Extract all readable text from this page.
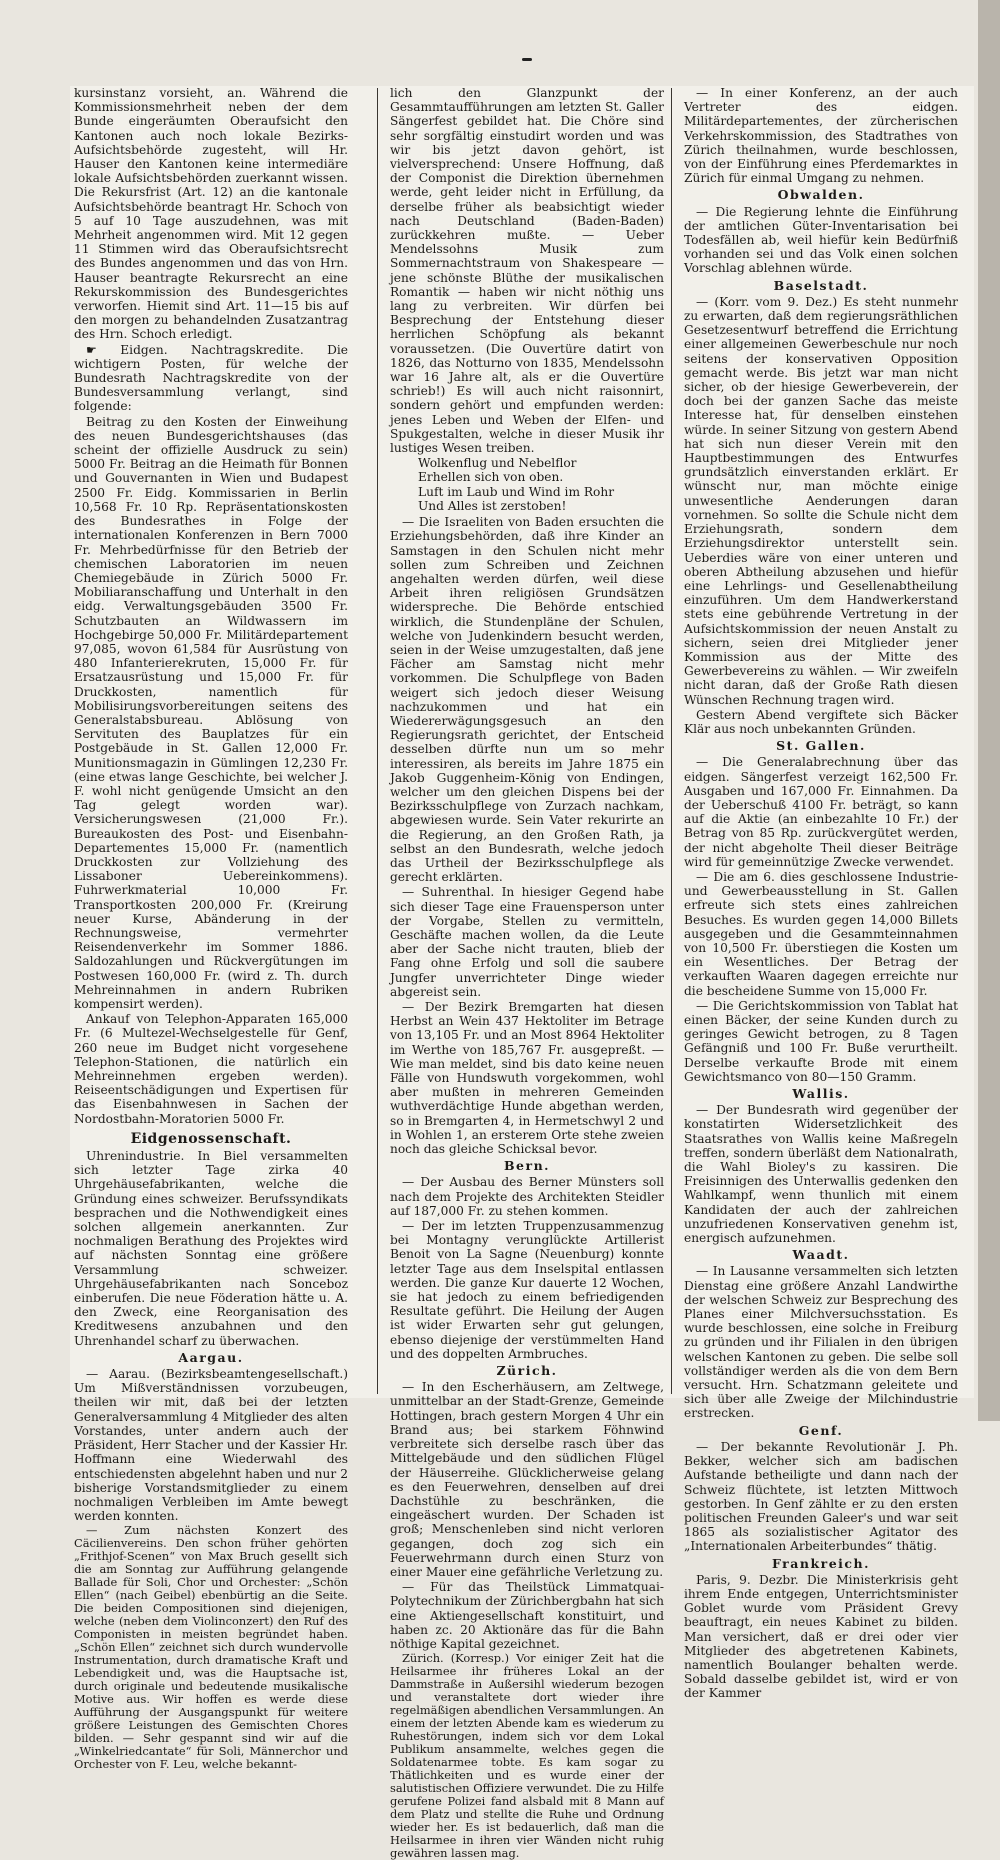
kursinstanz vorsieht, an. Während die Kommissionsmehrheit neben der dem Bunde eingeräumten Oberaufsicht den Kantonen auch noch lokale Bezirks-Aufsichtsbehörde zugesteht, will Hr. Hauser den Kantonen keine intermediäre lokale Aufsichtsbehörden zuerkannt wissen. Die Rekursfrist (Art. 12) an die kantonale Aufsichtsbehörde beantragt Hr. Schoch von 5 auf 10 Tage auszudehnen, was mit Mehrheit angenommen wird. Mit 12 gegen 11 Stimmen wird das Oberaufsichtsrecht des Bundes angenommen und das von Hrn. Hauser beantragte Rekursrecht an eine Rekurskommission des Bundesgerichtes verworfen. Hiemit sind Art. 11—15 bis auf den morgen zu behandelnden Zusatzantrag des Hrn. Schoch erledigt.

☛ Eidgen. Nachtragskredite. Die wichtigern Posten, für welche der Bundesrath Nachtragskredite von der Bundesversammlung verlangt, sind folgende:

Beitrag zu den Kosten der Einweihung des neuen Bundesgerichtshauses (das scheint der offizielle Ausdruck zu sein) 5000 Fr. Beitrag an die Heimath für Bonnen und Gouvernanten in Wien und Budapest 2500 Fr. Eidg. Kommissarien in Berlin 10,568 Fr. 10 Rp. Repräsentationskosten des Bundesrathes in Folge der internationalen Konferenzen in Bern 7000 Fr. Mehrbedürfnisse für den Betrieb der chemischen Laboratorien im neuen Chemiegebäude in Zürich 5000 Fr. Mobiliaranschaffung und Unterhalt in den eidg. Verwaltungsgebäuden 3500 Fr. Schutzbauten an Wildwassern im Hochgebirge 50,000 Fr. Militärdepartement 97,085, wovon 61,584 für Ausrüstung von 480 Infanterierekruten, 15,000 Fr. für Ersatzausrüstung und 15,000 Fr. für Druckkosten, namentlich für Mobilisirungsvorbereitungen seitens des Generalstabsbureau. Ablösung von Servituten des Bauplatzes für ein Postgebäude in St. Gallen 12,000 Fr. Munitionsmagazin in Gümlingen 12,230 Fr. (eine etwas lange Geschichte, bei welcher J. F. wohl nicht genügende Umsicht an den Tag gelegt worden war). Versicherungswesen (21,000 Fr.). Bureaukosten des Post- und Eisenbahn-Departementes 15,000 Fr. (namentlich Druckkosten zur Vollziehung des Lissaboner Uebereinkommens). Fuhrwerkmaterial 10,000 Fr. Transportkosten 200,000 Fr. (Kreirung neuer Kurse, Abänderung in der Rechnungsweise, vermehrter Reisendenverkehr im Sommer 1886. Saldozahlungen und Rückvergütungen im Postwesen 160,000 Fr. (wird z. Th. durch Mehreinnahmen in andern Rubriken kompensirt werden).

Ankauf von Telephon-Apparaten 165,000 Fr. (6 Multezel-Wechselgestelle für Genf, 260 neue im Budget nicht vorgesehene Telephon-Stationen, die natürlich ein Mehreinnehmen ergeben werden). Reiseentschädigungen und Expertisen für das Eisenbahnwesen in Sachen der Nordostbahn-Moratorien 5000 Fr.

Eidgenossenschaft.

Uhrenindustrie. In Biel versammelten sich letzter Tage zirka 40 Uhrgehäusefabrikanten, welche die Gründung eines schweizer. Berufssyndikats besprachen und die Nothwendigkeit eines solchen allgemein anerkannten. Zur nochmaligen Berathung des Projektes wird auf nächsten Sonntag eine größere Versammlung schweizer. Uhrgehäusefabrikanten nach Sonceboz einberufen. Die neue Föderation hätte u. A. den Zweck, eine Reorganisation des Kreditwesens anzubahnen und den Uhrenhandel scharf zu überwachen.

Aargau.

— Aarau. (Bezirksbeamtengesellschaft.) Um Mißverständnissen vorzubeugen, theilen wir mit, daß bei der letzten Generalversammlung 4 Mitglieder des alten Vorstandes, unter andern auch der Präsident, Herr Stacher und der Kassier Hr. Hoffmann eine Wiederwahl des entschiedensten abgelehnt haben und nur 2 bisherige Vorstandsmitglieder zu einem nochmaligen Verbleiben im Amte bewegt werden konnten.

— Zum nächsten Konzert des Cäcilienvereins. Den schon früher gehörten „Frithjof-Scenen“ von Max Bruch gesellt sich die am Sonntag zur Aufführung gelangende Ballade für Soli, Chor und Orchester: „Schön Ellen“ (nach Geibel) ebenbürtig an die Seite. Die beiden Compositionen sind diejenigen, welche (neben dem Violinconzert) den Ruf des Componisten in meisten begründet haben. „Schön Ellen“ zeichnet sich durch wundervolle Instrumentation, durch dramatische Kraft und Lebendigkeit und, was die Hauptsache ist, durch originale und bedeutende musikalische Motive aus. Wir hoffen es werde diese Aufführung der Ausgangspunkt für weitere größere Leistungen des Gemischten Chores bilden. — Sehr gespannt sind wir auf die „Winkelriedcantate“ für Soli, Männerchor und Orchester von F. Leu, welche bekannt-

lich den Glanzpunkt der Gesammtaufführungen am letzten St. Galler Sängerfest gebildet hat. Die Chöre sind sehr sorgfältig einstudirt worden und was wir bis jetzt davon gehört, ist vielversprechend: Unsere Hoffnung, daß der Componist die Direktion übernehmen werde, geht leider nicht in Erfüllung, da derselbe früher als beabsichtigt wieder nach Deutschland (Baden-Baden) zurückkehren mußte. — Ueber Mendelssohns Musik zum Sommernachtstraum von Shakespeare — jene schönste Blüthe der musikalischen Romantik — haben wir nicht nöthig uns lang zu verbreiten. Wir dürfen bei Besprechung der Entstehung dieser herrlichen Schöpfung als bekannt voraussetzen. (Die Ouvertüre datirt von 1826, das Notturno von 1835, Mendelssohn war 16 Jahre alt, als er die Ouvertüre schrieb!) Es will auch nicht raisonnirt, sondern gehört und empfunden werden: jenes Leben und Weben der Elfen- und Spukgestalten, welche in dieser Musik ihr lustiges Wesen treiben.

Wolkenflug und Nebelflor
Erhellen sich von oben.
Luft im Laub und Wind im Rohr
Und Alles ist zerstoben!

— Die Israeliten von Baden ersuchten die Erziehungsbehörden, daß ihre Kinder an Samstagen in den Schulen nicht mehr sollen zum Schreiben und Zeichnen angehalten werden dürfen, weil diese Arbeit ihren religiösen Grundsätzen widerspreche. Die Behörde entschied wirklich, die Stundenpläne der Schulen, welche von Judenkindern besucht werden, seien in der Weise umzugestalten, daß jene Fächer am Samstag nicht mehr vorkommen. Die Schulpflege von Baden weigert sich jedoch dieser Weisung nachzukommen und hat ein Wiedererwägungsgesuch an den Regierungsrath gerichtet, der Entscheid desselben dürfte nun um so mehr interessiren, als bereits im Jahre 1875 ein Jakob Guggenheim-König von Endingen, welcher um den gleichen Dispens bei der Bezirksschulpflege von Zurzach nachkam, abgewiesen wurde. Sein Vater rekurirte an die Regierung, an den Großen Rath, ja selbst an den Bundesrath, welche jedoch das Urtheil der Bezirksschulpflege als gerecht erklärten.

— Suhrenthal. In hiesiger Gegend habe sich dieser Tage eine Frauensperson unter der Vorgabe, Stellen zu vermitteln, Geschäfte machen wollen, da die Leute aber der Sache nicht trauten, blieb der Fang ohne Erfolg und soll die saubere Jungfer unverrichteter Dinge wieder abgereist sein.

— Der Bezirk Bremgarten hat diesen Herbst an Wein 437 Hektoliter im Betrage von 13,105 Fr. und an Most 8964 Hektoliter im Werthe von 185,767 Fr. ausgepreßt. — Wie man meldet, sind bis dato keine neuen Fälle von Hundswuth vorgekommen, wohl aber mußten in mehreren Gemeinden wuthverdächtige Hunde abgethan werden, so in Bremgarten 4, in Hermetschwyl 2 und in Wohlen 1, an ersterem Orte stehe zweien noch das gleiche Schicksal bevor.

Bern.

— Der Ausbau des Berner Münsters soll nach dem Projekte des Architekten Steidler auf 187,000 Fr. zu stehen kommen.

— Der im letzten Truppenzusammenzug bei Montagny verunglückte Artillerist Benoit von La Sagne (Neuenburg) konnte letzter Tage aus dem Inselspital entlassen werden. Die ganze Kur dauerte 12 Wochen, sie hat jedoch zu einem befriedigenden Resultate geführt. Die Heilung der Augen ist wider Erwarten sehr gut gelungen, ebenso diejenige der verstümmelten Hand und des doppelten Armbruches.

Zürich.

— In den Escherhäusern, am Zeltwege, unmittelbar an der Stadt-Grenze, Gemeinde Hottingen, brach gestern Morgen 4 Uhr ein Brand aus; bei starkem Föhnwind verbreitete sich derselbe rasch über das Mittelgebäude und den südlichen Flügel der Häuserreihe. Glücklicherweise gelang es den Feuerwehren, denselben auf drei Dachstühle zu beschränken, die eingeäschert wurden. Der Schaden ist groß; Menschenleben sind nicht verloren gegangen, doch zog sich ein Feuerwehrmann durch einen Sturz von einer Mauer eine gefährliche Verletzung zu.

— Für das Theilstück Limmatquai-Polytechnikum der Zürichbergbahn hat sich eine Aktiengesellschaft konstituirt, und haben zc. 20 Aktionäre das für die Bahn nöthige Kapital gezeichnet.

Zürich. (Korresp.) Vor einiger Zeit hat die Heilsarmee ihr früheres Lokal an der Dammstraße in Außersihl wiederum bezogen und veranstaltete dort wieder ihre regelmäßigen abendlichen Versammlungen. An einem der letzten Abende kam es wiederum zu Ruhestörungen, indem sich vor dem Lokal Publikum ansammelte, welches gegen die Soldatenarmee tobte. Es kam sogar zu Thätlichkeiten und es wurde einer der salutistischen Offiziere verwundet. Die zu Hilfe gerufene Polizei fand alsbald mit 8 Mann auf dem Platz und stellte die Ruhe und Ordnung wieder her. Es ist bedauerlich, daß man die Heilsarmee in ihren vier Wänden nicht ruhig gewähren lassen mag.

— In einer Konferenz, an der auch Vertreter des eidgen. Militärdepartementes, der zürcherischen Verkehrskommission, des Stadtrathes von Zürich theilnahmen, wurde beschlossen, von der Einführung eines Pferdemarktes in Zürich für einmal Umgang zu nehmen.

Obwalden.

— Die Regierung lehnte die Einführung der amtlichen Güter-Inventarisation bei Todesfällen ab, weil hiefür kein Bedürfniß vorhanden sei und das Volk einen solchen Vorschlag ablehnen würde.

Baselstadt.

— (Korr. vom 9. Dez.) Es steht nunmehr zu erwarten, daß dem regierungsräthlichen Gesetzesentwurf betreffend die Errichtung einer allgemeinen Gewerbeschule nur noch seitens der konservativen Opposition gemacht werde. Bis jetzt war man nicht sicher, ob der hiesige Gewerbeverein, der doch bei der ganzen Sache das meiste Interesse hat, für denselben einstehen würde. In seiner Sitzung von gestern Abend hat sich nun dieser Verein mit den Hauptbestimmungen des Entwurfes grundsätzlich einverstanden erklärt. Er wünscht nur, man möchte einige unwesentliche Aenderungen daran vornehmen. So sollte die Schule nicht dem Erziehungsrath, sondern dem Erziehungsdirektor unterstellt sein. Ueberdies wäre von einer unteren und oberen Abtheilung abzusehen und hiefür eine Lehrlings- und Gesellenabtheilung einzuführen. Um dem Handwerkerstand stets eine gebührende Vertretung in der Aufsichtskommission der neuen Anstalt zu sichern, seien drei Mitglieder jener Kommission aus der Mitte des Gewerbevereins zu wählen. — Wir zweifeln nicht daran, daß der Große Rath diesen Wünschen Rechnung tragen wird.

Gestern Abend vergiftete sich Bäcker Klär aus noch unbekannten Gründen.

St. Gallen.

— Die Generalabrechnung über das eidgen. Sängerfest verzeigt 162,500 Fr. Ausgaben und 167,000 Fr. Einnahmen. Da der Ueberschuß 4100 Fr. beträgt, so kann auf die Aktie (an einbezahlte 10 Fr.) der Betrag von 85 Rp. zurückvergütet werden, der nicht abgeholte Theil dieser Beiträge wird für gemeinnützige Zwecke verwendet.

— Die am 6. dies geschlossene Industrie- und Gewerbeausstellung in St. Gallen erfreute sich stets eines zahlreichen Besuches. Es wurden gegen 14,000 Billets ausgegeben und die Gesammteinnahmen von 10,500 Fr. überstiegen die Kosten um ein Wesentliches. Der Betrag der verkauften Waaren dagegen erreichte nur die bescheidene Summe von 15,000 Fr.

— Die Gerichtskommission von Tablat hat einen Bäcker, der seine Kunden durch zu geringes Gewicht betrogen, zu 8 Tagen Gefängniß und 100 Fr. Buße verurtheilt. Derselbe verkaufte Brode mit einem Gewichtsmanco von 80—150 Gramm.

Wallis.

— Der Bundesrath wird gegenüber der konstatirten Widersetzlichkeit des Staatsrathes von Wallis keine Maßregeln treffen, sondern überläßt dem Nationalrath, die Wahl Bioley's zu kassiren. Die Freisinnigen des Unterwallis gedenken den Wahlkampf, wenn thunlich mit einem Kandidaten der auch der zahlreichen unzufriedenen Konservativen genehm ist, energisch aufzunehmen.

Waadt.

— In Lausanne versammelten sich letzten Dienstag eine größere Anzahl Landwirthe der welschen Schweiz zur Besprechung des Planes einer Milchversuchsstation. Es wurde beschlossen, eine solche in Freiburg zu gründen und ihr Filialen in den übrigen welschen Kantonen zu geben. Die selbe soll vollständiger werden als die von dem Bern versucht. Hrn. Schatzmann geleitete und sich über alle Zweige der Milchindustrie erstrecken.

Genf.

— Der bekannte Revolutionär J. Ph. Bekker, welcher sich am badischen Aufstande betheiligte und dann nach der Schweiz flüchtete, ist letzten Mittwoch gestorben. In Genf zählte er zu den ersten politischen Freunden Galeer's und war seit 1865 als sozialistischer Agitator des „Internationalen Arbeiterbundes“ thätig.

Frankreich.

Paris, 9. Dezbr. Die Ministerkrisis geht ihrem Ende entgegen, Unterrichtsminister Goblet wurde vom Präsident Grevy beauftragt, ein neues Kabinet zu bilden. Man versichert, daß er drei oder vier Mitglieder des abgetretenen Kabinets, namentlich Boulanger behalten werde. Sobald dasselbe gebildet ist, wird er von der Kammer
